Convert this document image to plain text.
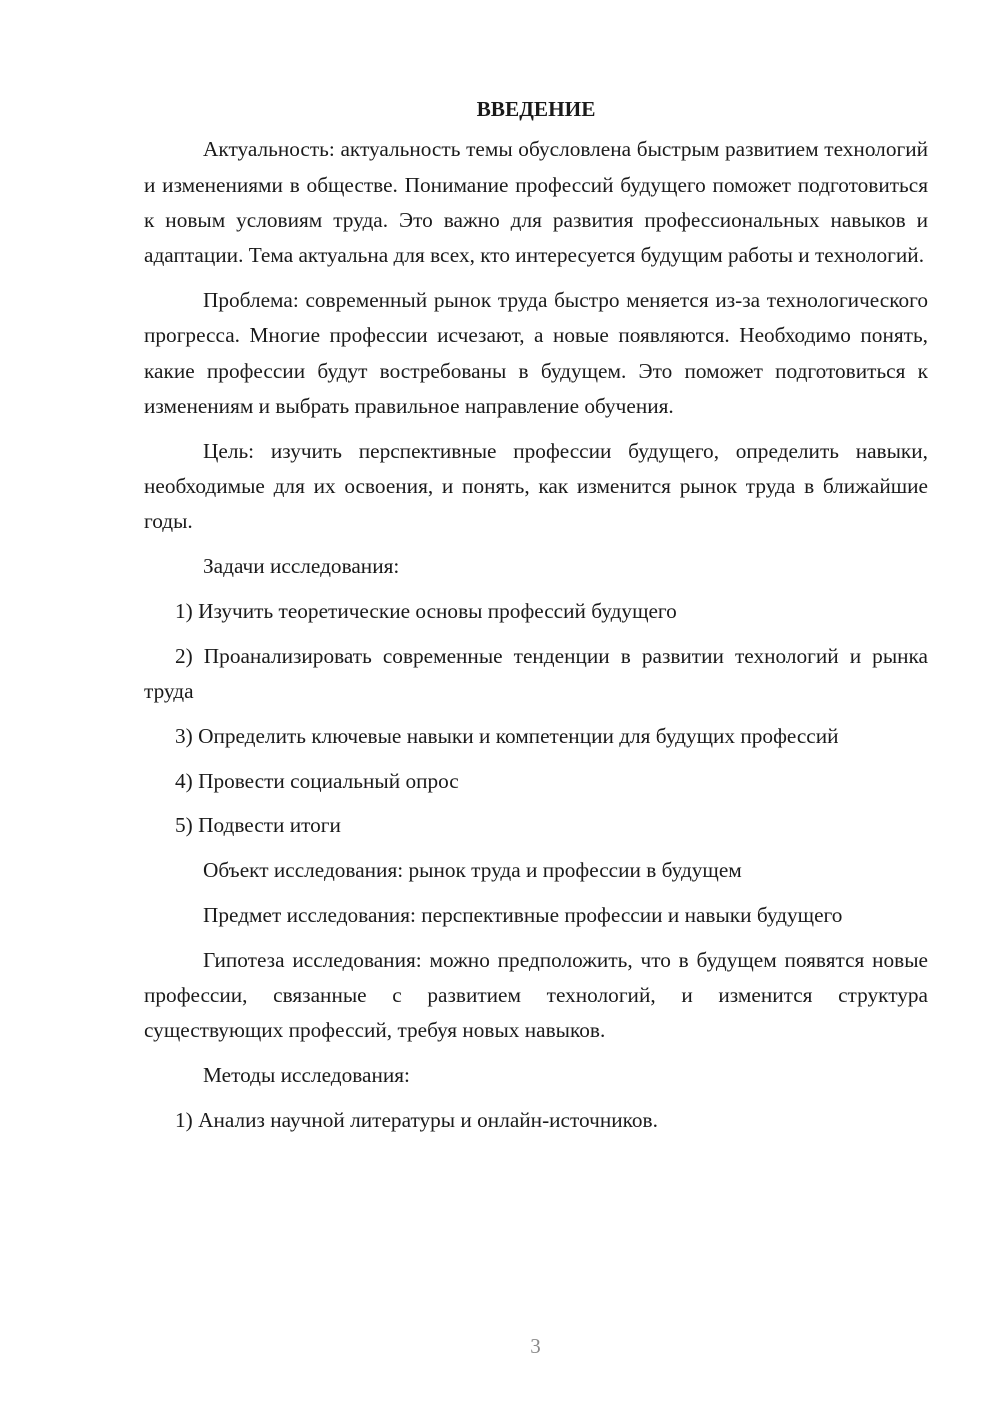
ВВЕДЕНИЕ
Актуальность: актуальность темы обусловлена быстрым развитием технологий и изменениями в обществе. Понимание профессий будущего поможет подготовиться к новым условиям труда. Это важно для развития профессиональных навыков и адаптации. Тема актуальна для всех, кто интересуется будущим работы и технологий.
Проблема: современный рынок труда быстро меняется из-за технологического прогресса. Многие профессии исчезают, а новые появляются. Необходимо понять, какие профессии будут востребованы в будущем. Это поможет подготовиться к изменениям и выбрать правильное направление обучения.
Цель: изучить перспективные профессии будущего, определить навыки, необходимые для их освоения, и понять, как изменится рынок труда в ближайшие годы.
Задачи исследования:
1) Изучить теоретические основы профессий будущего
2) Проанализировать современные тенденции в развитии технологий и рынка труда
3) Определить ключевые навыки и компетенции для будущих профессий
4) Провести социальный опрос
5) Подвести итоги
Объект исследования: рынок труда и профессии в будущем
Предмет исследования: перспективные профессии и навыки будущего
Гипотеза исследования: можно предположить, что в будущем появятся новые профессии, связанные с развитием технологий, и изменится структура существующих профессий, требуя новых навыков.
Методы исследования:
1) Анализ научной литературы и онлайн-источников.
3
